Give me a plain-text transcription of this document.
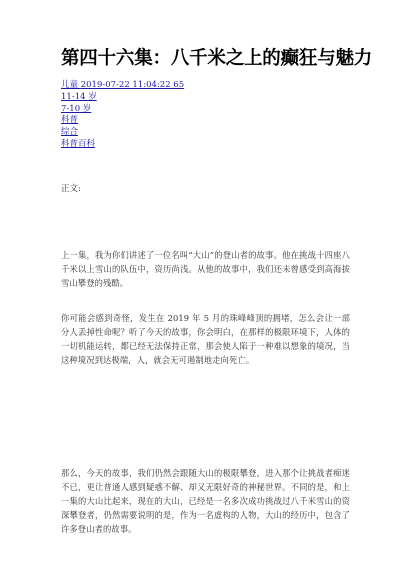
第四十六集：八千米之上的癫狂与魅力
儿童 2019-07-22 11:04:22 65
11-14 岁
7-10 岁
科普
综合
科普百科
正文:

上一集，我为你们讲述了一位名叫“大山”的登山者的故事。他在挑战十四座八千米以上雪山的队伍中，资历尚浅。从他的故事中，我们还未曾感受到高海拔雪山攀登的残酷。

你可能会感到奇怪，发生在 2019 年 5 月的珠峰峰顶的拥堵，怎么会让一部分人丢掉性命呢？听了今天的故事，你会明白，在那样的极限环境下，人体的一切机能运转，都已经无法保持正常，那会使人陷于一种难以想象的境况，当这种境况到达极端，人，就会无可遏制地走向死亡。

那么，今天的故事，我们仍然会跟随大山的极限攀登，进入那个让挑战者痴迷不已，更让普通人感到疑惑不解、却又无限好奇的神秘世界。不同的是，和上一集的大山比起来，现在的大山，已经是一名多次成功挑战过八千米雪山的资深攀登者，仍然需要说明的是，作为一名虚构的人物，大山的经历中，包含了许多登山者的故事。
